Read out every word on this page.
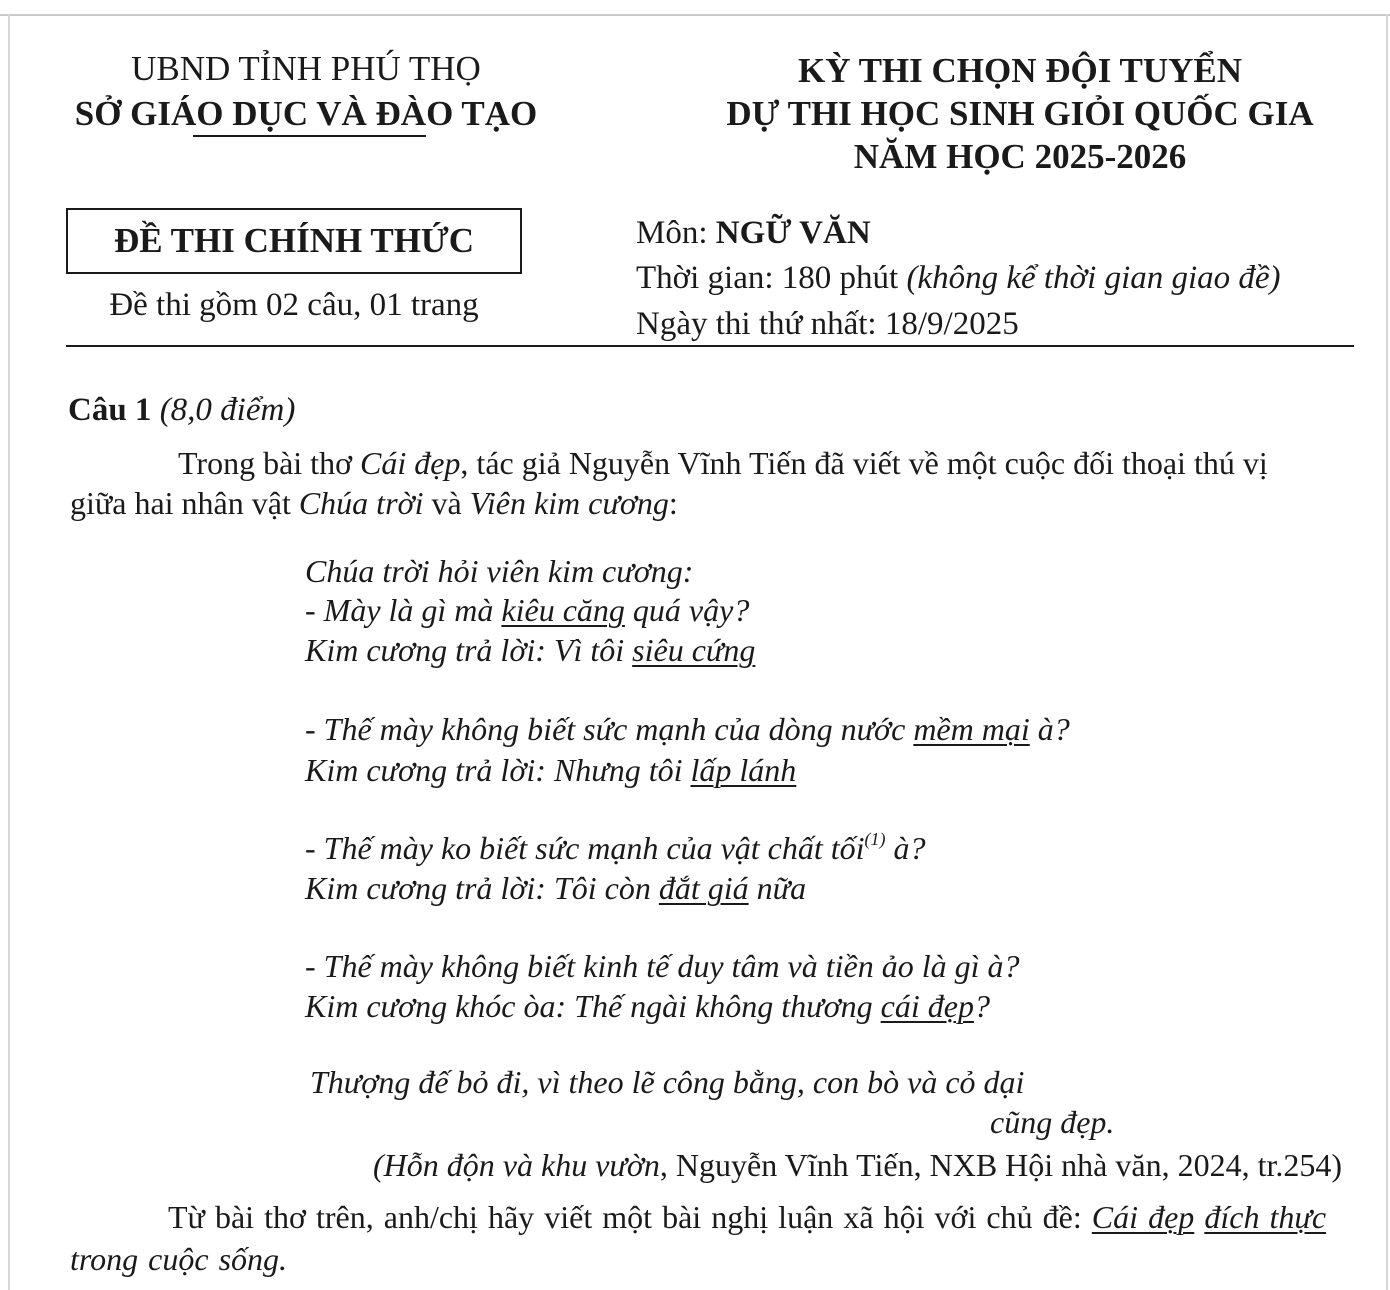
UBND TỈNH PHÚ THỌ
SỞ GIÁO DỤC VÀ ĐÀO TẠO
KỲ THI CHỌN ĐỘI TUYỂN
DỰ THI HỌC SINH GIỎI QUỐC GIA
NĂM HỌC 2025-2026
ĐỀ THI CHÍNH THỨC
Đề thi gồm 02 câu, 01 trang
Môn: NGỮ VĂN
Thời gian: 180 phút (không kể thời gian giao đề)
Ngày thi thứ nhất: 18/9/2025
Câu 1 (8,0 điểm)
Trong bài thơ Cái đẹp, tác giả Nguyễn Vĩnh Tiến đã viết về một cuộc đối thoại thú vị
giữa hai nhân vật Chúa trời và Viên kim cương:
Chúa trời hỏi viên kim cương:
- Mày là gì mà kiêu căng quá vậy?
Kim cương trả lời: Vì tôi siêu cứng
- Thế mày không biết sức mạnh của dòng nước mềm mại à?
Kim cương trả lời: Nhưng tôi lấp lánh
- Thế mày ko biết sức mạnh của vật chất tối$^{(1)}$ à?
Kim cương trả lời: Tôi còn đắt giá nữa
- Thế mày không biết kinh tế duy tâm và tiền ảo là gì à?
Kim cương khóc òa: Thế ngài không thương cái đẹp?
Thượng đế bỏ đi, vì theo lẽ công bằng, con bò và cỏ dại
cũng đẹp.
(Hỗn độn và khu vườn, Nguyễn Vĩnh Tiến, NXB Hội nhà văn, 2024, tr.254)
Từ bài thơ trên, anh/chị hãy viết một bài nghị luận xã hội với chủ đề: Cái đẹp đích thực trong cuộc sống.
